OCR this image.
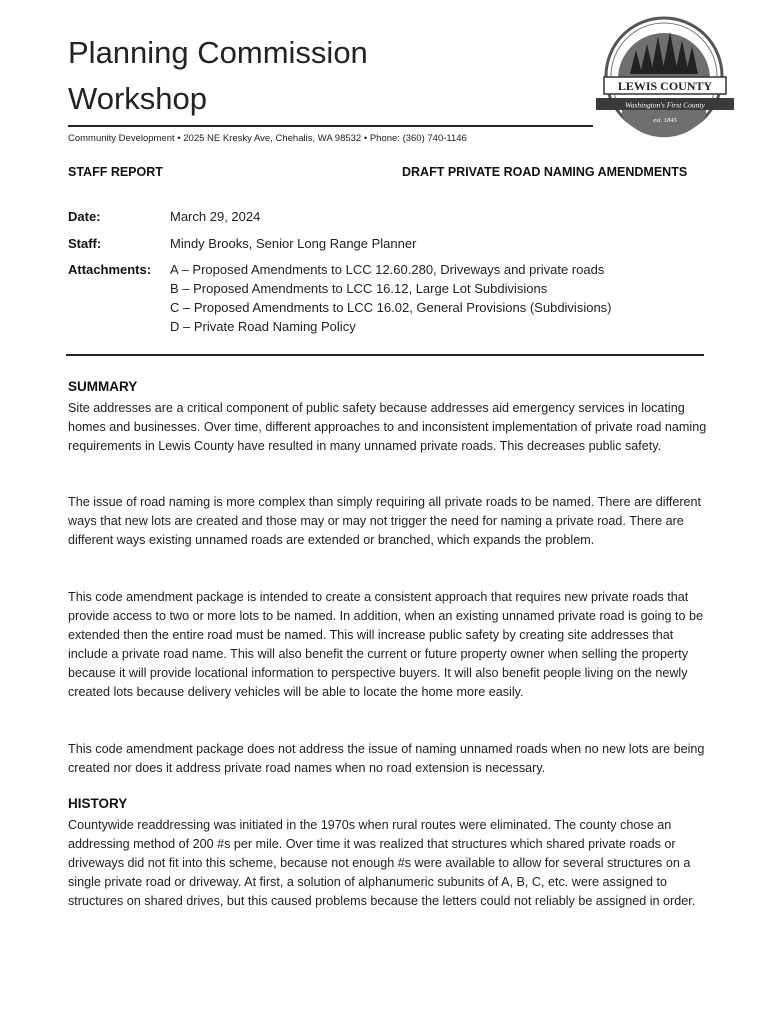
Planning Commission
Workshop
Community Development • 2025 NE Kresky Ave, Chehalis, WA 98532 • Phone: (360) 740-1146
LEWIS COUNTY
Washington's First County
est. 1845
STAFF REPORT	DRAFT PRIVATE ROAD NAMING AMENDMENTS
Date:	March 29, 2024
Staff:	Mindy Brooks, Senior Long Range Planner
Attachments: A – Proposed Amendments to LCC 12.60.280, Driveways and private roads
B – Proposed Amendments to LCC 16.12, Large Lot Subdivisions
C – Proposed Amendments to LCC 16.02, General Provisions (Subdivisions)
D – Private Road Naming Policy
SUMMARY

Site addresses are a critical component of public safety because addresses aid emergency services in locating homes and businesses. Over time, different approaches to and inconsistent implementation of private road naming requirements in Lewis County have resulted in many unnamed private roads. This decreases public safety.

The issue of road naming is more complex than simply requiring all private roads to be named. There are different ways that new lots are created and those may or may not trigger the need for naming a private road. There are different ways existing unnamed roads are extended or branched, which expands the problem.

This code amendment package is intended to create a consistent approach that requires new private roads that provide access to two or more lots to be named. In addition, when an existing unnamed private road is going to be extended then the entire road must be named. This will increase public safety by creating site addresses that include a private road name. This will also benefit the current or future property owner when selling the property because it will provide locational information to perspective buyers. It will also benefit people living on the newly created lots because delivery vehicles will be able to locate the home more easily.

This code amendment package does not address the issue of naming unnamed roads when no new lots are being created nor does it address private road names when no road extension is necessary.

HISTORY

Countywide readdressing was initiated in the 1970s when rural routes were eliminated. The county chose an addressing method of 200 #s per mile. Over time it was realized that structures which shared private roads or driveways did not fit into this scheme, because not enough #s were available to allow for several structures on a single private road or driveway. At first, a solution of alphanumeric subunits of A, B, C, etc. were assigned to structures on shared drives, but this caused problems because the letters could not reliably be assigned in order.
